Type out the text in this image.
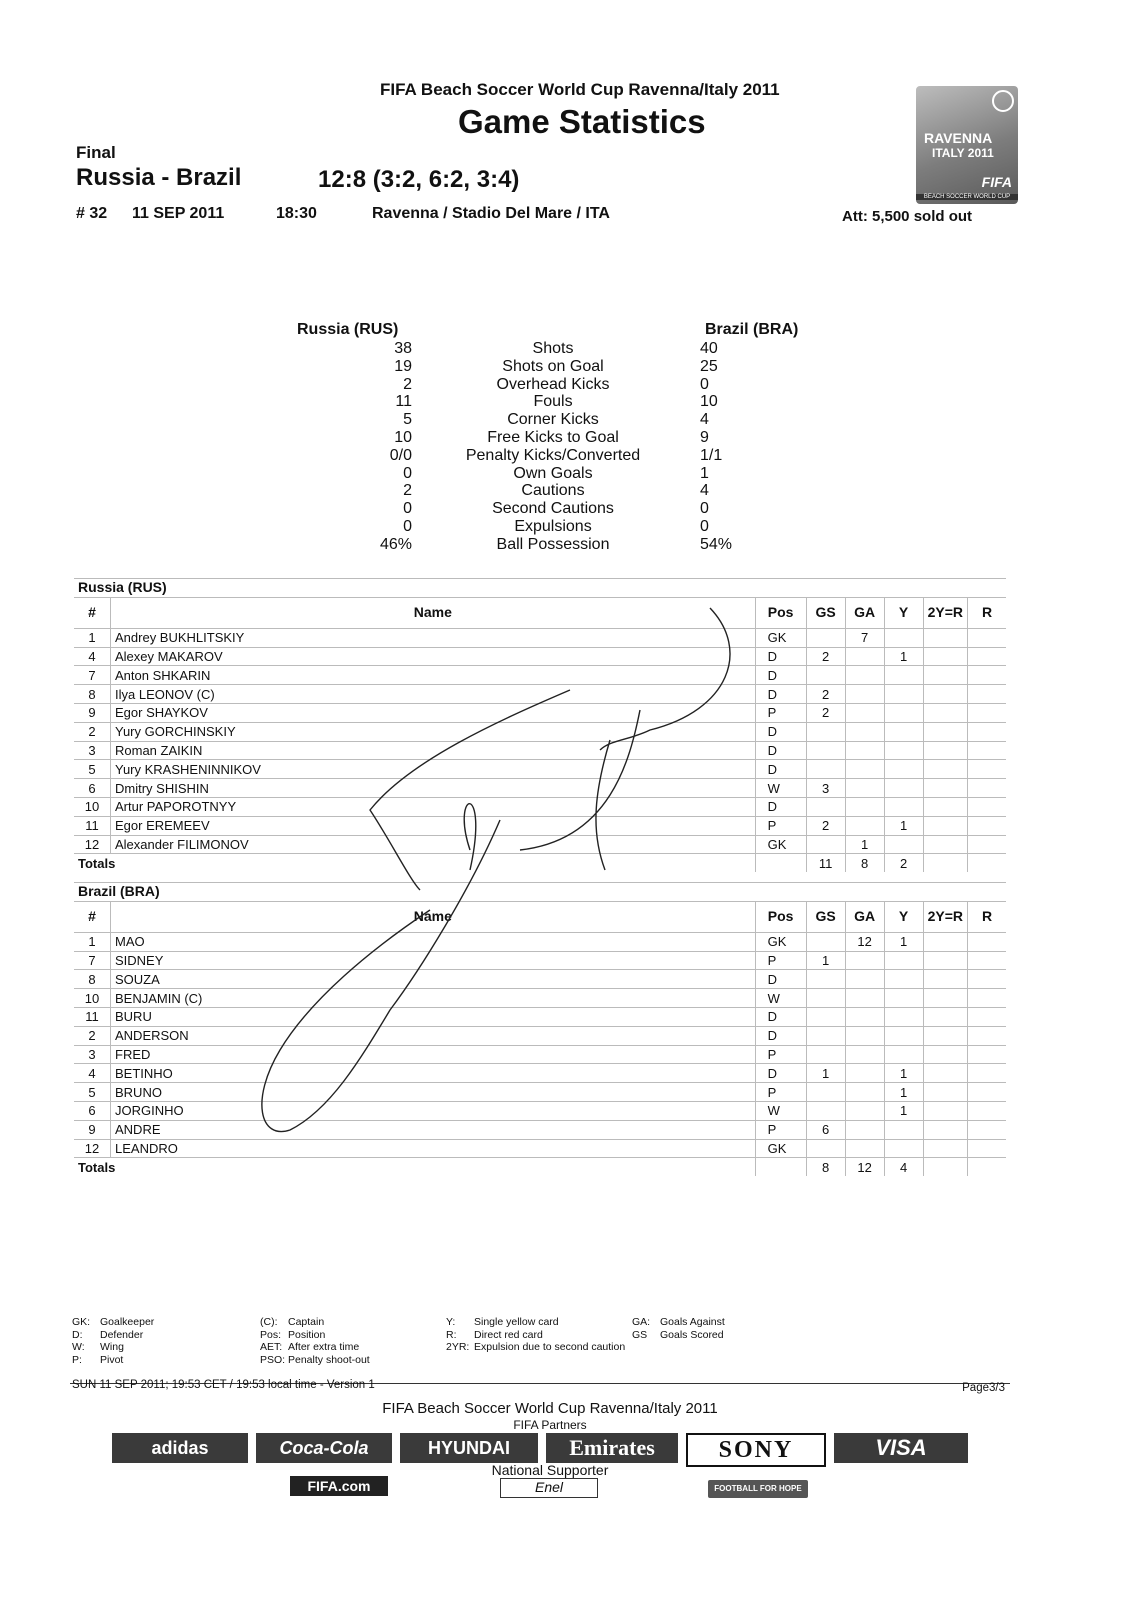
FIFA Beach Soccer World Cup Ravenna/Italy 2011
Game Statistics
Final
Russia - Brazil	12:8 (3:2, 6:2, 3:4)
# 32 11 SEP 2011	18:30	Ravenna / Stadio Del Mare / ITA	Att: 5,500 sold out
RAVENNA
ITALY 2011
FIFA
BEACH SOCCER WORLD CUP
Russia (RUS)	Brazil (BRA)
38	Shots	40
19	Shots on Goal	25
2	Overhead Kicks	0
11	Fouls	10
5	Corner Kicks	4
10	Free Kicks to Goal	9
0/0	Penalty Kicks/Converted	1/1
0	Own Goals	1
2	Cautions	4
0	Second Cautions	0
0	Expulsions	0
46%	Ball Possession	54%
Russia (RUS)							
#	Name	Pos	GS	GA	Y	2Y=R	R
1	Andrey BUKHLITSKIY	GK		7			
4	Alexey MAKAROV	D	2		1		
7	Anton SHKARIN	D					
8	Ilya LEONOV (C)	D	2				
9	Egor SHAYKOV	P	2				
2	Yury GORCHINSKIY	D					
3	Roman ZAIKIN	D					
5	Yury KRASHENINNIKOV	D					
6	Dmitry SHISHIN	W	3				
10	Artur PAPOROTNYY	D					
11	Egor EREMEEV	P	2		1		
12	Alexander FILIMONOV	GK		1			
Totals			11	8	2		
Brazil (BRA)							
#	Name	Pos	GS	GA	Y	2Y=R	R
1	MAO	GK		12	1		
7	SIDNEY	P	1				
8	SOUZA	D					
10	BENJAMIN (C)	W					
11	BURU	D					
2	ANDERSON	D					
3	FRED	P					
4	BETINHO	D	1		1		
5	BRUNO	P			1		
6	JORGINHO	W			1		
9	ANDRE	P	6				
12	LEANDRO	GK					
Totals			8	12	4		
GK: Goalkeeper
D: Defender
W: Wing
P: Pivot
(C): Captain
Pos: Position
AET: After extra time
PSO: Penalty shoot-out
Y: Single yellow card
R: Direct red card
2YR: Expulsion due to second caution
GA: Goals Against
GS Goals Scored
SUN 11 SEP 2011; 19:53 CET / 19:53 local time - Version 1	Page3/3
FIFA Beach Soccer World Cup Ravenna/Italy 2011
FIFA Partners
adidas	Coca-Cola	HYUNDAI	Emirates	SONY	VISA
National Supporter
FIFA.com	Enel	FOOTBALL FOR HOPE
